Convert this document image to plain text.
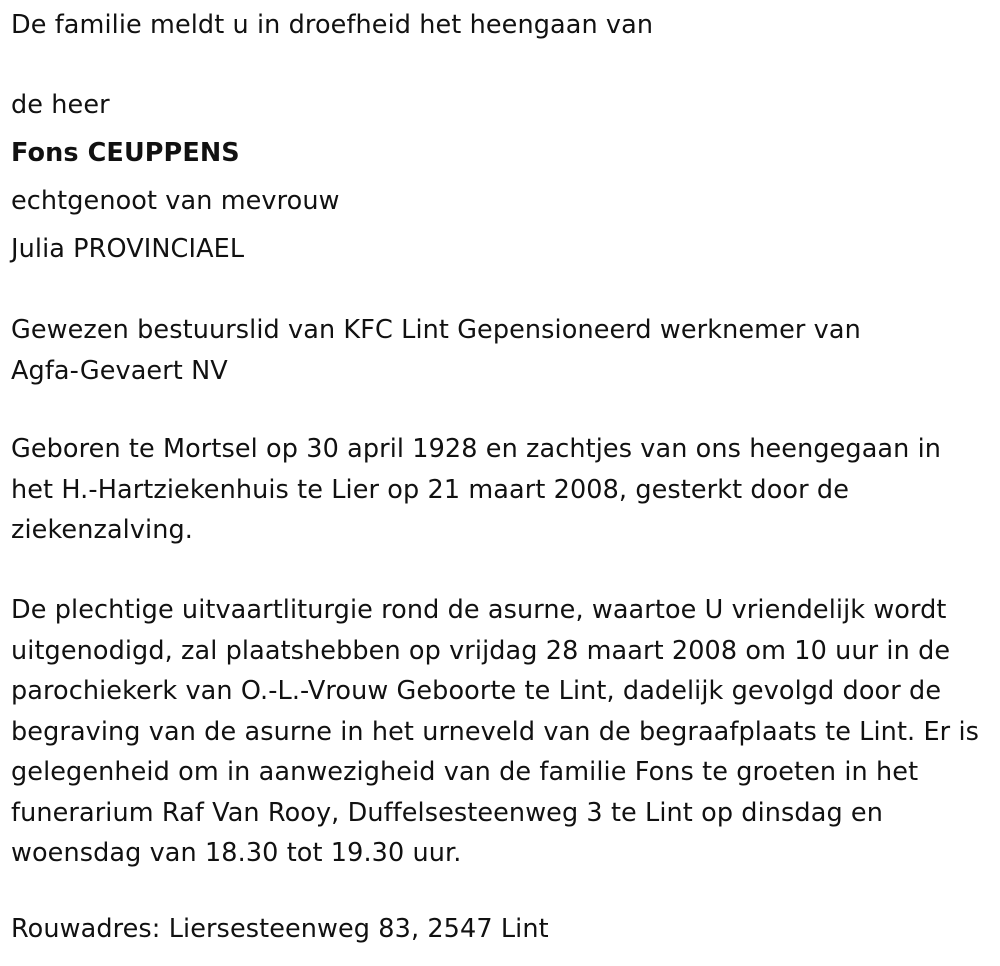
De familie meldt u in droefheid het heengaan van
de heer
Fons CEUPPENS
echtgenoot van mevrouw
Julia PROVINCIAEL
Gewezen bestuurslid van KFC Lint Gepensioneerd werknemer van Agfa-Gevaert NV
Geboren te Mortsel op 30 april 1928 en zachtjes van ons heengegaan in het H.-Hartziekenhuis te Lier op 21 maart 2008, gesterkt door de ziekenzalving.
De plechtige uitvaartliturgie rond de asurne, waartoe U vriendelijk wordt uitgenodigd, zal plaatshebben op vrijdag 28 maart 2008 om 10 uur in de parochiekerk van O.-L.-Vrouw Geboorte te Lint, dadelijk gevolgd door de begraving van de asurne in het urneveld van de begraafplaats te Lint. Er is gelegenheid om in aanwezigheid van de familie Fons te groeten in het funerarium Raf Van Rooy, Duffelsesteenweg 3 te Lint op dinsdag en woensdag van 18.30 tot 19.30 uur.
Rouwadres: Liersesteenweg 83, 2547 Lint
